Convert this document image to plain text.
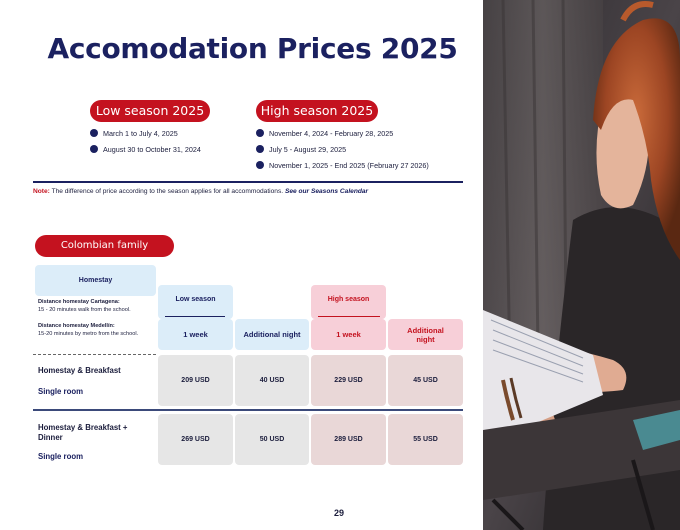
Accomodation Prices 2025
Low season 2025	High season 2025
March 1 to July 4, 2025
August 30 to October 31, 2024
November 4, 2024 - February 28, 2025
July 5 - August 29, 2025
November 1, 2025 - End 2025 (February 27 2026)
Note: The difference of price according to the season applies for all accommodations. See our Seasons Calendar
Colombian family
Homestay
Low season	High season
1 week	Additional night	1 week	Additional night
Distance homestay Cartagena:
15 - 20 minutes walk from the school.
Distance homestay Medellín:
15-20 minutes by metro from the school.
Homestay & Breakfast
Single room
209 USD	40 USD	229 USD	45 USD
Homestay & Breakfast + Dinner
Single room
269 USD	50 USD	289 USD	55 USD
29
